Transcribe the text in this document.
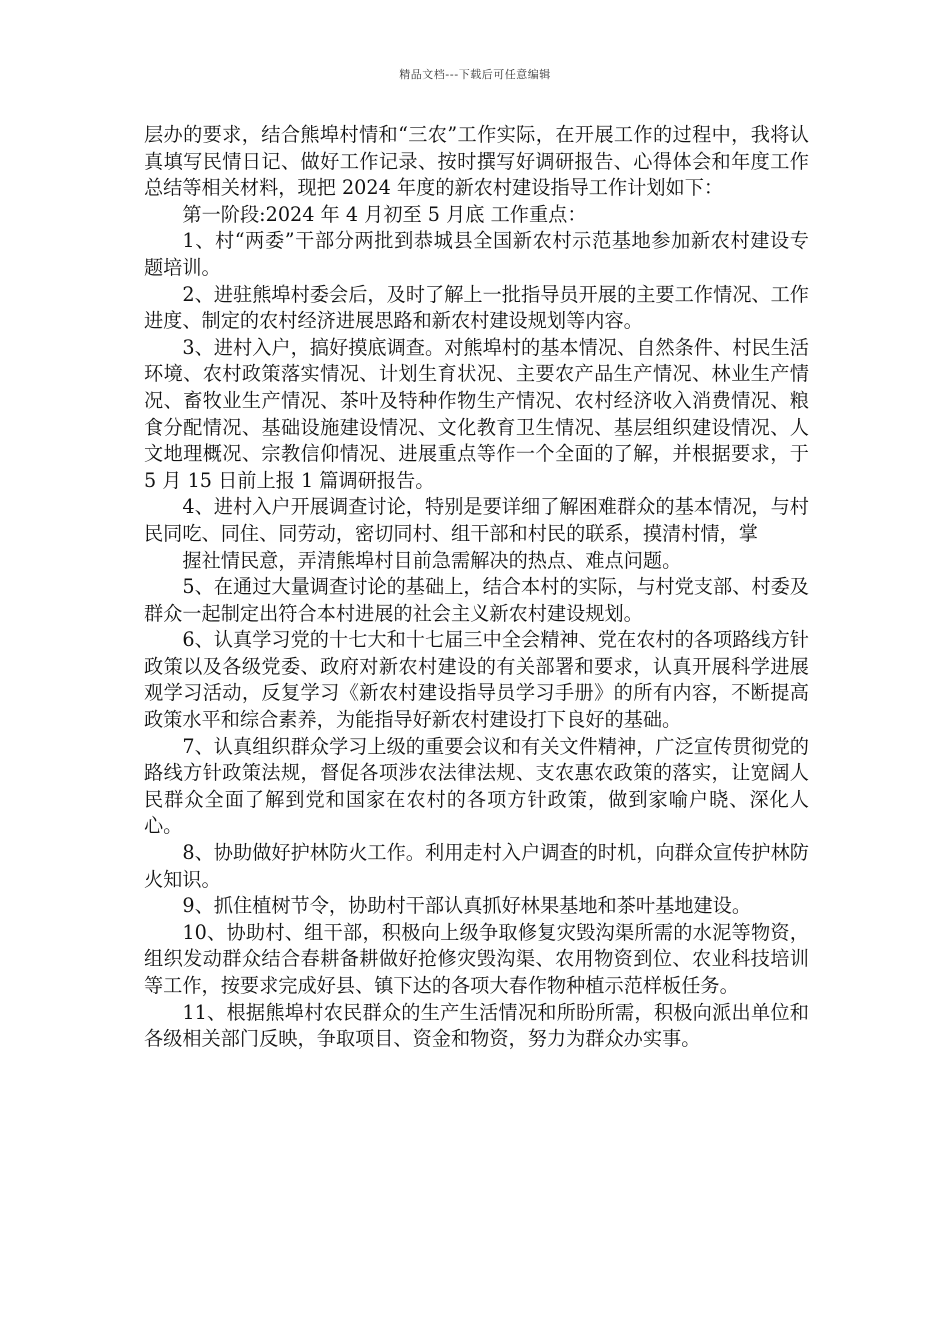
精品文档---下载后可任意编辑

层办的要求，结合熊埠村情和“三农”工作实际，在开展工作的过程中，我将认真填写民情日记、做好工作记录、按时撰写好调研报告、心得体会和年度工作总结等相关材料，现把 2024 年度的新农村建设指导工作计划如下：

第一阶段:2024 年 4 月初至 5 月底 工作重点：

1、村“两委”干部分两批到恭城县全国新农村示范基地参加新农村建设专题培训。

2、进驻熊埠村委会后，及时了解上一批指导员开展的主要工作情况、工作进度、制定的农村经济进展思路和新农村建设规划等内容。

3、进村入户，搞好摸底调查。对熊埠村的基本情况、自然条件、村民生活环境、农村政策落实情况、计划生育状况、主要农产品生产情况、林业生产情况、畜牧业生产情况、茶叶及特种作物生产情况、农村经济收入消费情况、粮食分配情况、基础设施建设情况、文化教育卫生情况、基层组织建设情况、人文地理概况、宗教信仰情况、进展重点等作一个全面的了解，并根据要求，于 5 月 15 日前上报 1 篇调研报告。

4、进村入户开展调查讨论，特别是要详细了解困难群众的基本情况，与村民同吃、同住、同劳动，密切同村、组干部和村民的联系，摸清村情，掌

握社情民意，弄清熊埠村目前急需解决的热点、难点问题。

5、在通过大量调查讨论的基础上，结合本村的实际，与村党支部、村委及群众一起制定出符合本村进展的社会主义新农村建设规划。

6、认真学习党的十七大和十七届三中全会精神、党在农村的各项路线方针政策以及各级党委、政府对新农村建设的有关部署和要求，认真开展科学进展观学习活动，反复学习《新农村建设指导员学习手册》的所有内容，不断提高政策水平和综合素养，为能指导好新农村建设打下良好的基础。

7、认真组织群众学习上级的重要会议和有关文件精神，广泛宣传贯彻党的路线方针政策法规，督促各项涉农法律法规、支农惠农政策的落实，让宽阔人民群众全面了解到党和国家在农村的各项方针政策，做到家喻户晓、深化人心。

8、协助做好护林防火工作。利用走村入户调查的时机，向群众宣传护林防火知识。

9、抓住植树节令，协助村干部认真抓好林果基地和茶叶基地建设。

10、协助村、组干部，积极向上级争取修复灾毁沟渠所需的水泥等物资，组织发动群众结合春耕备耕做好抢修灾毁沟渠、农用物资到位、农业科技培训等工作，按要求完成好县、镇下达的各项大春作物种植示范样板任务。

11、根据熊埠村农民群众的生产生活情况和所盼所需，积极向派出单位和各级相关部门反映，争取项目、资金和物资，努力为群众办实事。
